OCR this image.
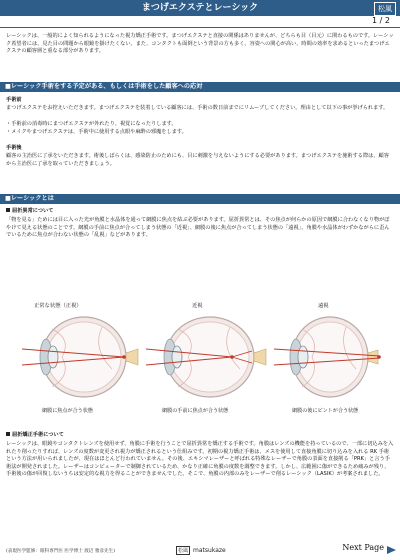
まつげエクステとレーシック	松風
1 / 2

レーシックは、一般的によく知られるようになった視力矯正手術です。まつげエクステと直接の関係はありませんが、どちらも目（目元）に関わるものです。レーシック希望者には、見た目の問題から眼鏡を掛けたくない、また、コンタクトも面倒という背景の方も多く、容姿への関心が高い、時間の効率を求めるといったまつげエクステの顧客層と重なる部分があります。

■レーシック手術をする予定がある、もしくは手術をした顧客への応対

手術前

まつげエクステをお控えいただきます。まつげエクステを装着している顧客には、手術の数日前までにリムーブしてください。理由として以下の事が挙げられます。

・手術前の消毒時にまつげエクステが外れたり、視覚になったりします。

・メイクやまつげエクステは、手術中に使用する点眼や麻酔の邪魔をします。

手術後

顧客の主治医に了承をいただきます。術後しばらくは、感染防止のためにも、目に刺激を与えないようにする必要があります。まつげエクステを施術する際は、顧客から主治医に了承を取っていただきましょう。

■レーシックとは

屈折異常について

「物を見る」ためには目に入った光が角膜と水晶体を通って網膜に焦点を結ぶ必要があります。屈折異常とは、その焦点が何らかの原因で網膜に合わなくなり物がぼやけて見える状態のことです。網膜の手前に焦点が合ってしまう状態の「近視」、網膜の後に焦点が合ってしまう状態の「遠視」、角膜や水晶体がわずかながらに歪んでいるために焦点が合わない状態の「乱視」などがあります。

正常な状態（正視）	近視	遠視
網膜に焦点が合う状態	網膜の手前に焦点が合う状態	網膜の後にピントが合う状態

屈折矯正手術について

レーシックは、眼鏡やコンタクトレンズを使用せず、角膜に手術を行うことで屈折異常を矯正する手術です。角膜はレンズの機能を持っているので、一部に切込みを入れたり削ったりすれば、レンズの度数が変更され視力が矯正されるという仕組みです。初期の視力矯正手術は、メスを使用して直接角膜に切り込みを入れる RK 手術という方法が用いられましたが、現在はほとんど行われていません。その後、エキシマレーザーと呼ばれる特殊なレーザーで角膜の表面を直接削る「PRK」と言う手術法が開発されました。レーザーはコンピューターで制御されているため、かなり正確に角膜の度数を調整できます。しかし、広範囲に傷ができるため痛みが残り、手術後の傷が回復しないうちは安定的な視力を得ることができませんでした。そこで、角膜の内部のみをレーザーで削るレーシック（LASIK）が考案されました。

(表現医学監修：眼科専門医 医学博士 渡辺 雅彦先生)	松風 matsukaze	Next Page
